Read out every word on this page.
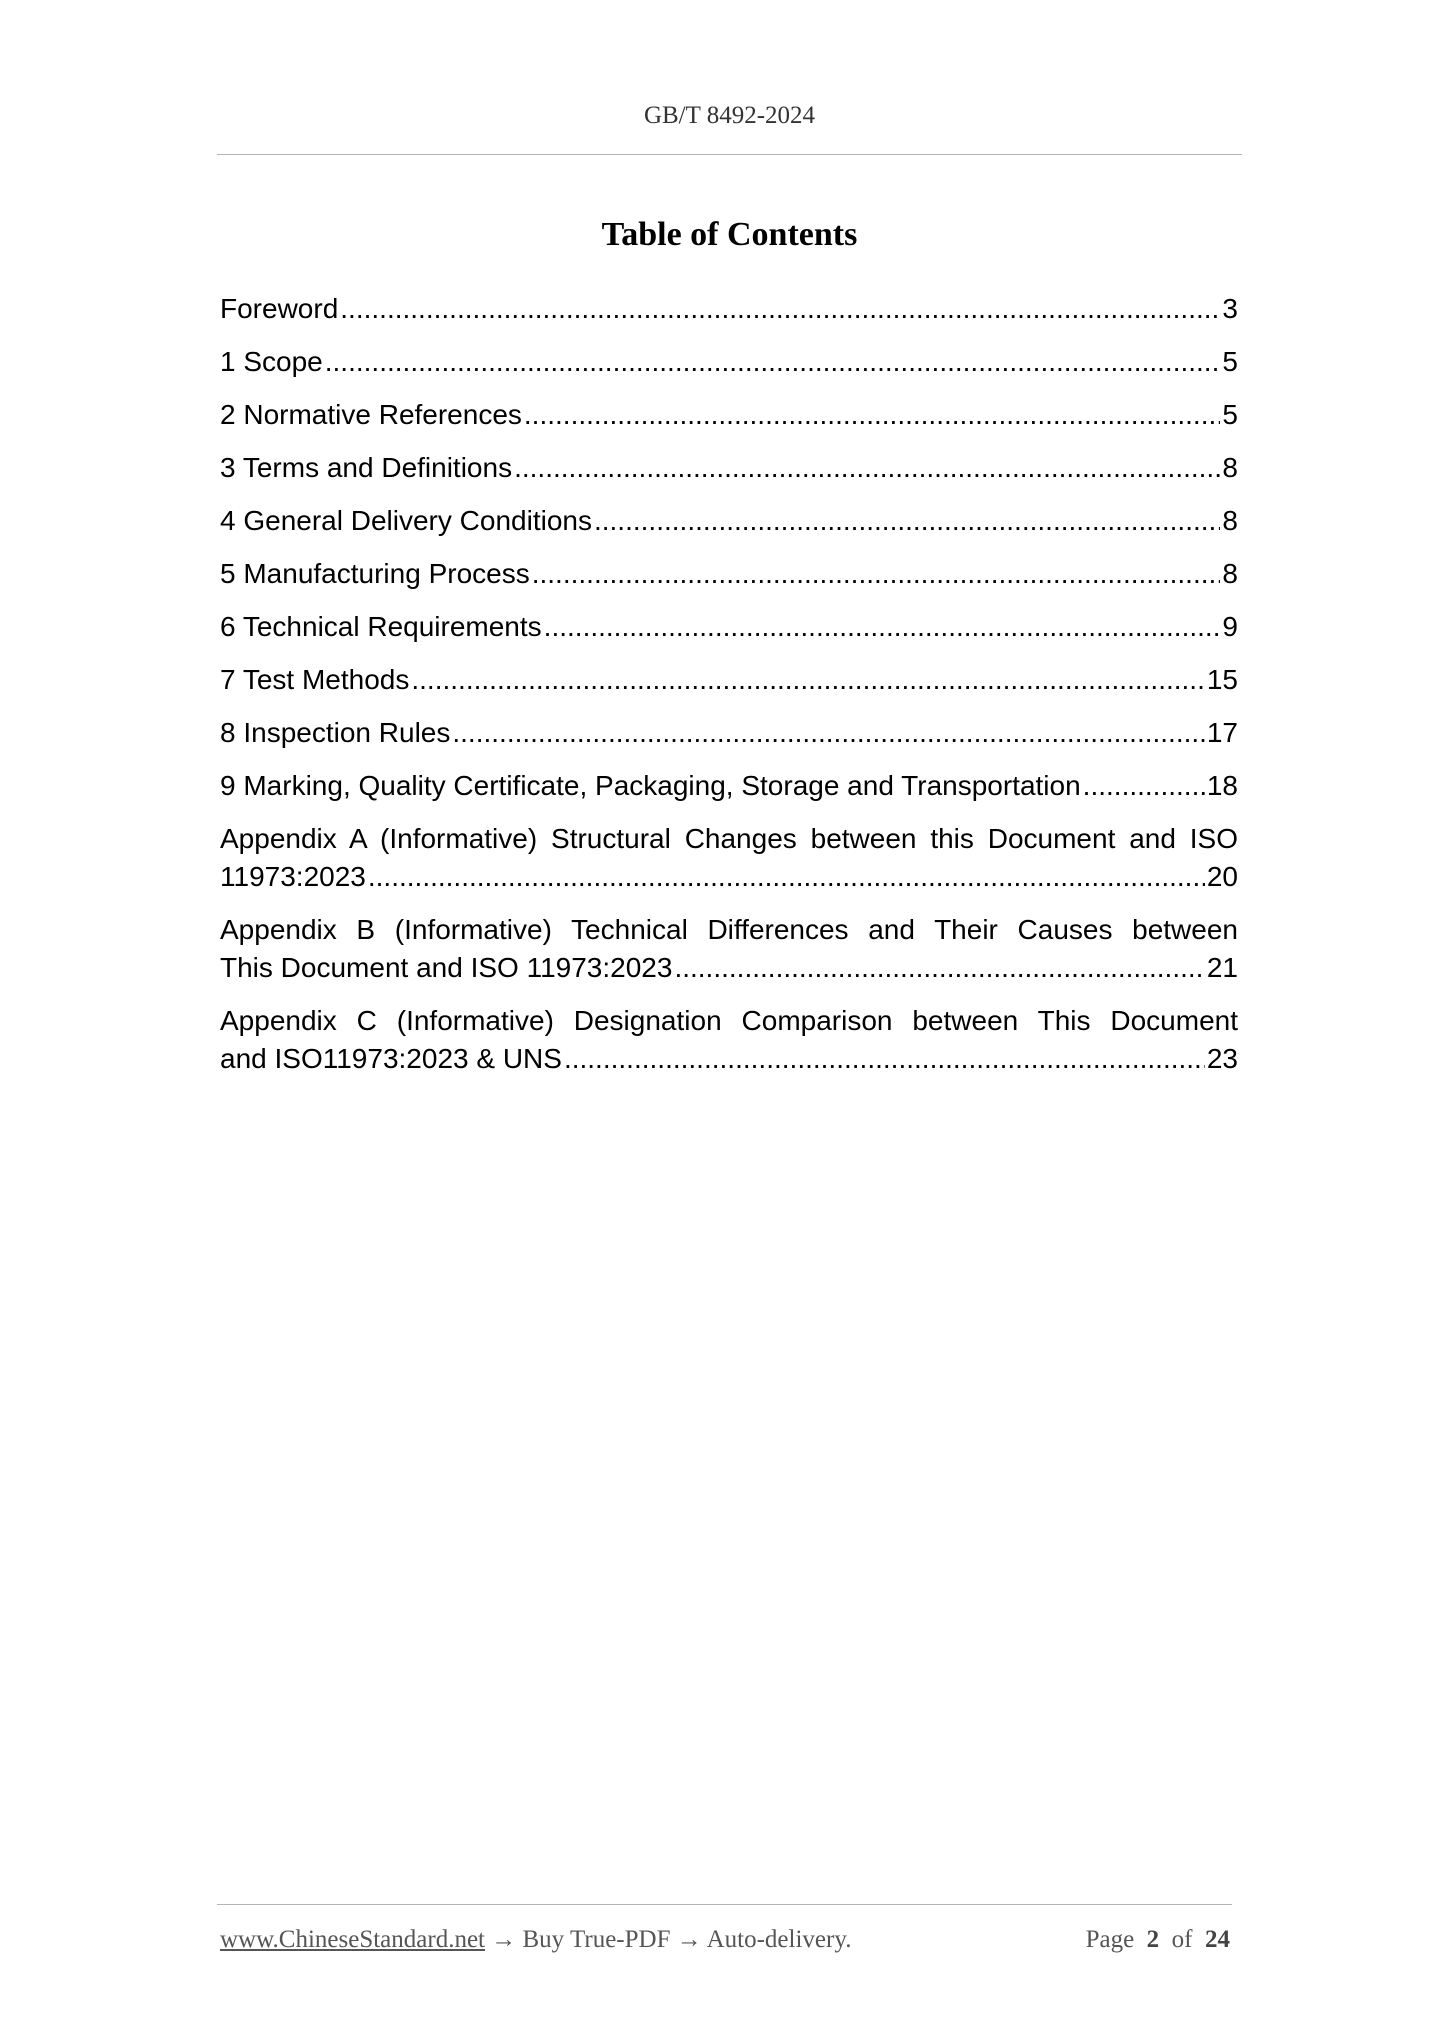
GB/T 8492-2024
Table of Contents
Foreword .....	3
1 Scope .....	5
2 Normative References .....	5
3 Terms and Definitions .....	8
4 General Delivery Conditions .....	8
5 Manufacturing Process .....	8
6 Technical Requirements .....	9
7 Test Methods .....	15
8 Inspection Rules .....	17
9 Marking, Quality Certificate, Packaging, Storage and Transportation .....	18
Appendix A (Informative) Structural Changes between this Document and ISO
11973:2023 .....	20
Appendix B (Informative) Technical Differences and Their Causes between
This Document and ISO 11973:2023 .....	21
Appendix C (Informative) Designation Comparison between This Document
and ISO11973:2023 & UNS .....	23
www.ChineseStandard.net → Buy True-PDF → Auto-delivery.	Page 2 of 24
